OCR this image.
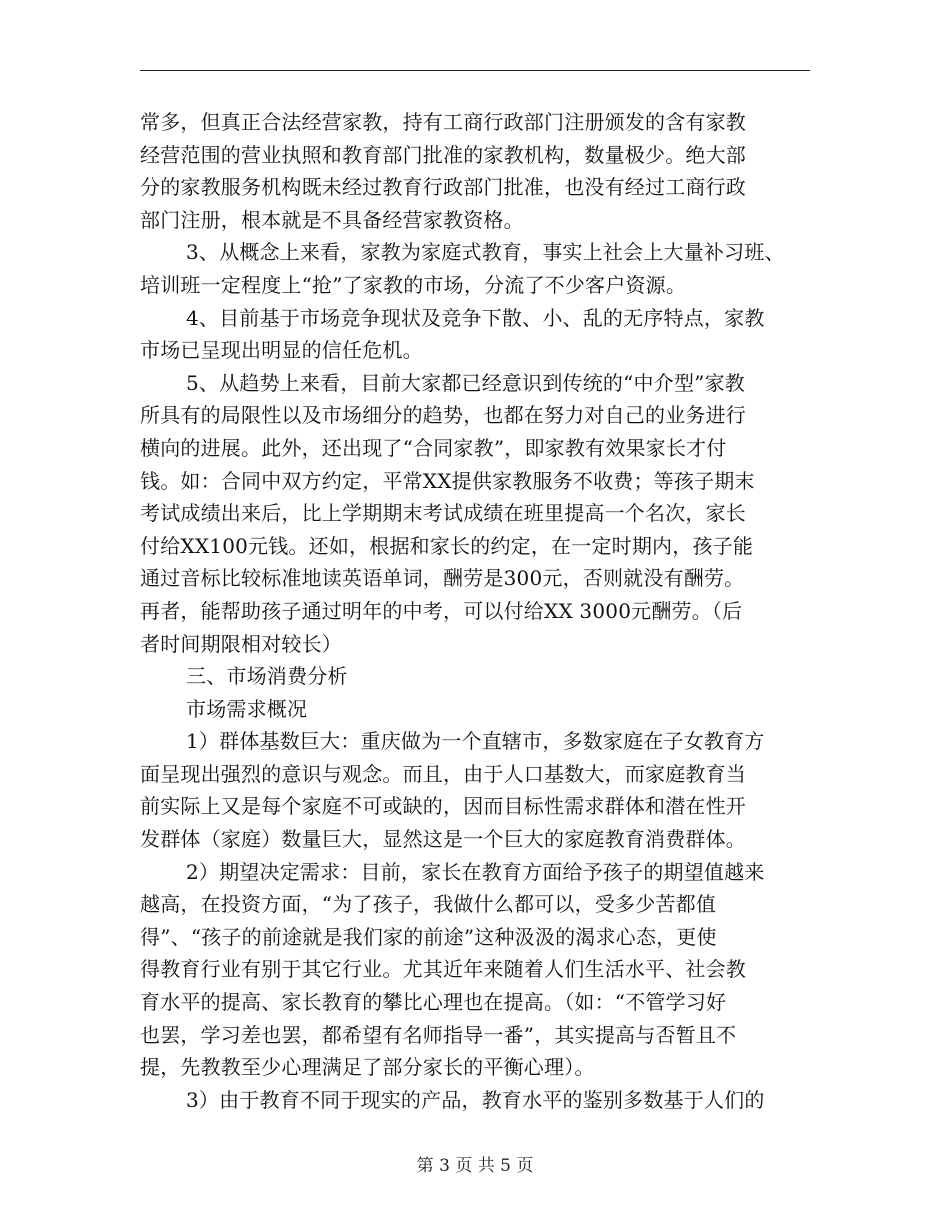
常多，但真正合法经营家教，持有工商行政部门注册颁发的含有家教
经营范围的营业执照和教育部门批准的家教机构，数量极少。绝大部
分的家教服务机构既未经过教育行政部门批准，也没有经过工商行政
部门注册，根本就是不具备经营家教资格。
3、从概念上来看，家教为家庭式教育，事实上社会上大量补习班、
培训班一定程度上“抢”了家教的市场，分流了不少客户资源。
4、目前基于市场竞争现状及竞争下散、小、乱的无序特点，家教
市场已呈现出明显的信任危机。
5、从趋势上来看，目前大家都已经意识到传统的“中介型”家教
所具有的局限性以及市场细分的趋势，也都在努力对自己的业务进行
横向的进展。此外，还出现了“合同家教”，即家教有效果家长才付
钱。如：合同中双方约定，平常XX提供家教服务不收费；等孩子期末
考试成绩出来后，比上学期期末考试成绩在班里提高一个名次，家长
付给XX100元钱。还如，根据和家长的约定，在一定时期内，孩子能
通过音标比较标准地读英语单词，酬劳是300元，否则就没有酬劳。
再者，能帮助孩子通过明年的中考，可以付给XX 3000元酬劳。（后
者时间期限相对较长）
三、市场消费分析
市场需求概况
1）群体基数巨大：重庆做为一个直辖市，多数家庭在子女教育方
面呈现出强烈的意识与观念。而且，由于人口基数大，而家庭教育当
前实际上又是每个家庭不可或缺的，因而目标性需求群体和潜在性开
发群体（家庭）数量巨大，显然这是一个巨大的家庭教育消费群体。
2）期望决定需求：目前，家长在教育方面给予孩子的期望值越来
越高，在投资方面，“为了孩子，我做什么都可以，受多少苦都值
得”、“孩子的前途就是我们家的前途”这种汲汲的渴求心态，更使
得教育行业有别于其它行业。尤其近年来随着人们生活水平、社会教
育水平的提高、家长教育的攀比心理也在提高。（如：“不管学习好
也罢，学习差也罢，都希望有名师指导一番”，其实提高与否暂且不
提，先教教至少心理满足了部分家长的平衡心理）。
3）由于教育不同于现实的产品，教育水平的鉴别多数基于人们的
第 3 页 共 5 页
